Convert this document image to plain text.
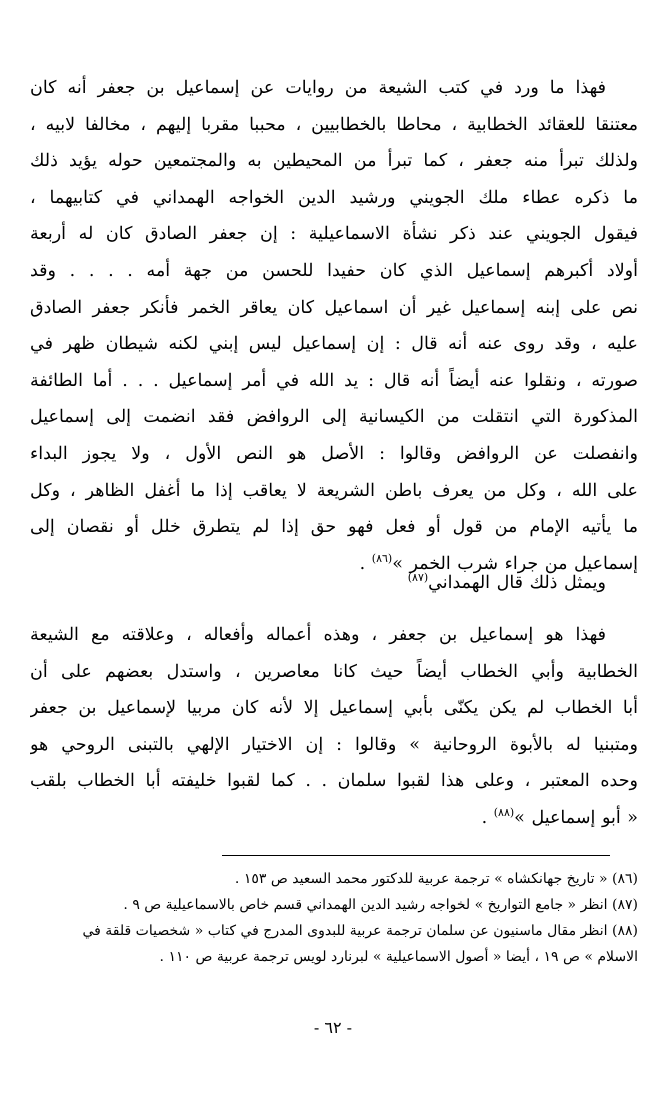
فهذا ما ورد في كتب الشيعة من روايات عن إسماعيل بن جعفر أنه كان
معتنقا للعقائد الخطابية ، محاطا بالخطابيين ، محببا مقربا إليهم ، مخالفا لابيه ،
ولذلك تبرأ منه جعفر ، كما تبرأ من المحيطين به والمجتمعين حوله يؤيد ذلك
ما ذكره عطاء ملك الجويني ورشيد الدين الخواجه الهمداني في كتابيهما ،
فيقول الجويني عند ذكر نشأة الاسماعيلية : إن جعفر الصادق كان له أربعة
أولاد أكبرهم إسماعيل الذي كان حفيدا للحسن من جهة أمه . . . . وقد
نص على إبنه إسماعيل غير أن اسماعيل كان يعاقر الخمر فأنكر جعفر الصادق
عليه ، وقد روى عنه أنه قال : إن إسماعيل ليس إبني لكنه شيطان ظهر في
صورته ، ونقلوا عنه أيضاً أنه قال : يد الله في أمر إسماعيل . . . أما الطائفة
المذكورة التي انتقلت من الكيسانية إلى الروافض فقد انضمت إلى إسماعيل
وانفصلت عن الروافض وقالوا : الأصل هو النص الأول ، ولا يجوز البداء
على الله ، وكل من يعرف باطن الشريعة لا يعاقب إذا ما أغفل الظاهر ، وكل
ما يأتيه الإمام من قول أو فعل فهو حق إذا لم يتطرق خلل أو نقصان إلى
إسماعيل من جراء شرب الخمر »$^{(٨٦)}$ .

ويمثل ذلك قال الهمداني$^{(٨٧)}$

فهذا هو إسماعيل بن جعفر ، وهذه أعماله وأفعاله ، وعلاقته مع الشيعة
الخطابية وأبي الخطاب أيضاً حيث كانا معاصرين ، واستدل بعضهم على أن
أبا الخطاب لم يكن يكنّى بأبي إسماعيل إلا لأنه كان مربيا لإسماعيل بن جعفر
ومتبنيا له بالأبوة الروحانية » وقالوا : إن الاختيار الإلهي بالتبنى الروحي هو
وحده المعتبر ، وعلى هذا لقبوا سلمان . . كما لقبوا خليفته أبا الخطاب بلقب
« أبو إسماعيل »$^{(٨٨)}$ .

(٨٦) « تاريخ جهانكشاه » ترجمة عربية للدكتور محمد السعيد ص ١٥٣ .
(٨٧) انظر « جامع التواريخ » لخواجه رشيد الدين الهمداني قسم خاص بالاسماعيلية ص ٩ .
(٨٨) انظر مقال ماسنيون عن سلمان ترجمة عربية للبدوى المدرج في كتاب « شخصيات قلقة في
الاسلام » ص ١٩ ، أيضا « أصول الاسماعيلية » لبرنارد لويس ترجمة عربية ص ١١٠ .
- ٦٢ -
